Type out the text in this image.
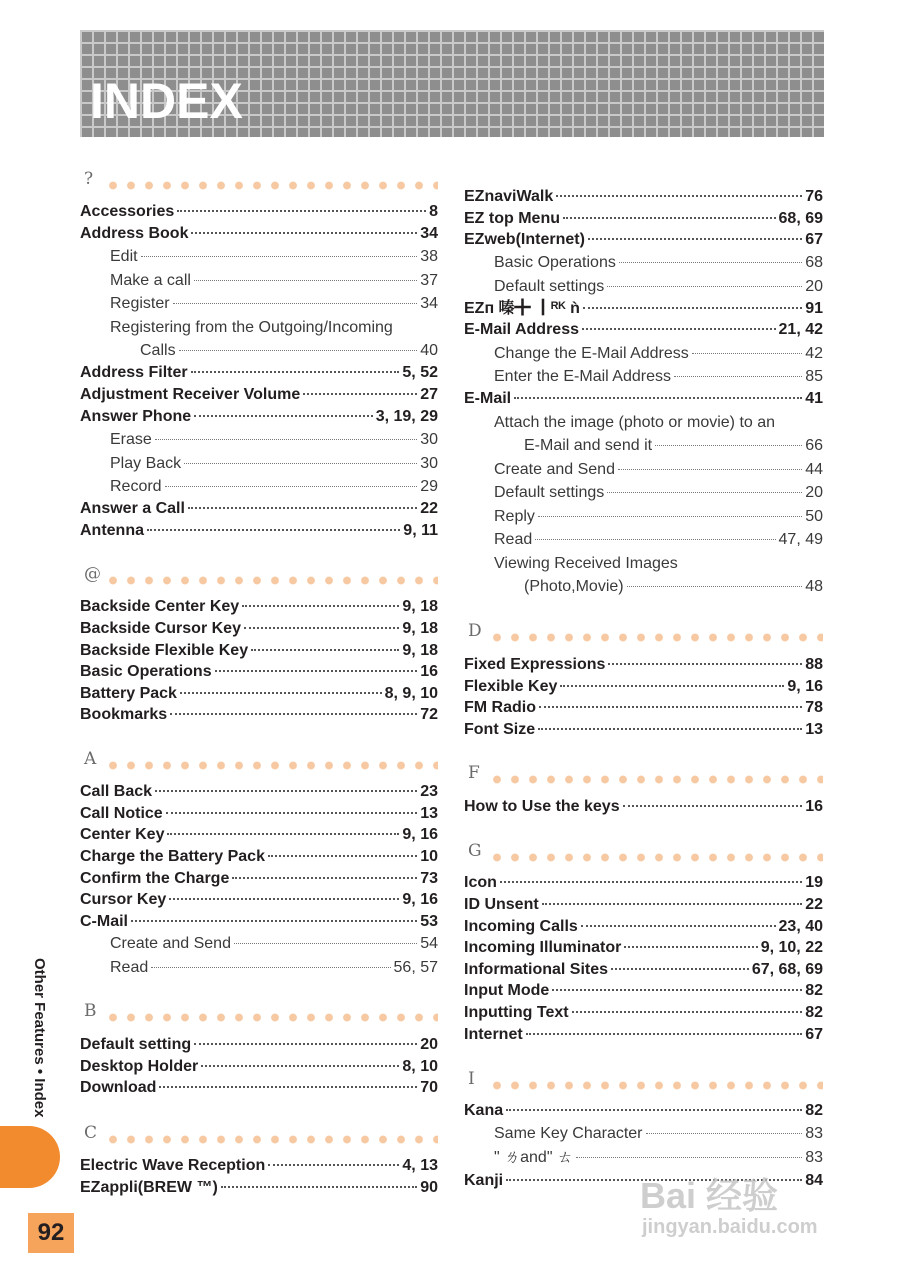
INDEX
?
Accessories	8
Address Book	34
Edit	38
Make a call	37
Register	34
Registering from the Outgoing/Incoming
Calls	40
Address Filter	5, 52
Adjustment Receiver Volume	27
Answer Phone	3, 19, 29
Erase	30
Play Back	30
Record	29
Answer a Call	22
Antenna	9, 11
@
Backside Center Key	9, 18
Backside Cursor Key	9, 18
Backside Flexible Key	9, 18
Basic Operations	16
Battery Pack	8, 9, 10
Bookmarks	72
A
Call Back	23
Call Notice	13
Center Key	9, 16
Charge the Battery Pack	10
Confirm the Charge	73
Cursor Key	9, 16
C-Mail	53
Create and Send	54
Read	56, 57
B
Default setting	20
Desktop Holder	8, 10
Download	70
C
Electric Wave Reception	4, 13
EZappli(BREW ™)	90
EZnaviWalk	76
EZ top Menu	68, 69
EZweb(Internet)	67
Basic Operations	68
Default settings	20
EZ​п 嗪╋ ┃ᴿᴷ ǹ	91
E-Mail Address	21, 42
Change the E-Mail Address	42
Enter the E-Mail Address	85
E-Mail	41
Attach the image (photo or movie) to an
E-Mail and send it	66
Create and Send	44
Default settings	20
Reply	50
Read	47, 49
Viewing Received Images
(Photo,Movie)	48
D
Fixed Expressions	88
Flexible Key	9, 16
FM Radio	78
Font Size	13
F
How to Use the keys	16
G
Icon	19
ID Unsent	22
Incoming Calls	23, 40
Incoming Illuminator	9, 10, 22
Informational Sites	67, 68, 69
Input Mode	82
Inputting Text	82
Internet	67
I
Kana	82
Same Key Character	83
" ㄌand" ㄊ	83
Kanji	84
Other Features • Index
92
Bai 经验
jingyan.baidu.com
